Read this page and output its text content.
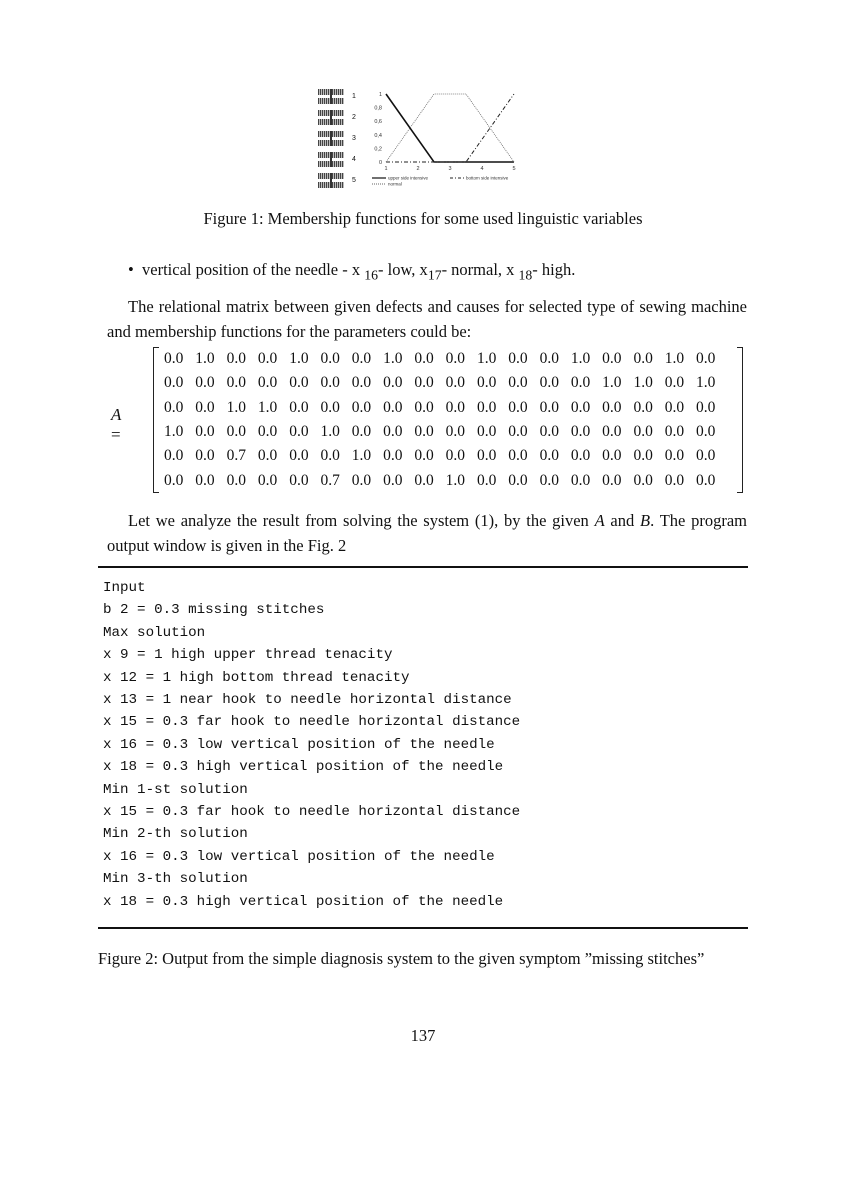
1
2
3
4
5
0
0,2
0,4
0,6
0,8
1
1	2	3	4	5
upper side intensive	bottom side intensive
normal
Figure 1: Membership functions for some used linguistic variables
•  vertical position of the needle - x $_{16}$- low, $x_{17}-$ normal, x $_{18}$- high.
The relational matrix between given defects and causes for selected type of sewing machine and membership functions for the parameters could be:
A =
0.0 1.0 0.0 0.0 1.0 0.0 0.0 1.0 0.0 0.0 1.0 0.0 0.0 1.0 0.0 0.0 1.0 0.0
0.0 0.0 0.0 0.0 0.0 0.0 0.0 0.0 0.0 0.0 0.0 0.0 0.0 0.0 1.0 1.0 0.0 1.0
0.0 0.0 1.0 1.0 0.0 0.0 0.0 0.0 0.0 0.0 0.0 0.0 0.0 0.0 0.0 0.0 0.0 0.0
1.0 0.0 0.0 0.0 0.0 1.0 0.0 0.0 0.0 0.0 0.0 0.0 0.0 0.0 0.0 0.0 0.0 0.0
0.0 0.0 0.7 0.0 0.0 0.0 1.0 0.0 0.0 0.0 0.0 0.0 0.0 0.0 0.0 0.0 0.0 0.0
0.0 0.0 0.0 0.0 0.0 0.7 0.0 0.0 0.0 1.0 0.0 0.0 0.0 0.0 0.0 0.0 0.0 0.0
Let we analyze the result from solving the system (1), by the given A and B. The program output window is given in the Fig. 2
Input
b 2 = 0.3 missing stitches
Max solution
x 9 = 1 high upper thread tenacity
x 12 = 1 high bottom thread tenacity
x 13 = 1 near hook to needle horizontal distance
x 15 = 0.3 far hook to needle horizontal distance
x 16 = 0.3 low vertical position of the needle
x 18 = 0.3 high vertical position of the needle
Min 1-st solution
x 15 = 0.3 far hook to needle horizontal distance
Min 2-th solution
x 16 = 0.3 low vertical position of the needle
Min 3-th solution
x 18 = 0.3 high vertical position of the needle
Figure 2: Output from the simple diagnosis system to the given symptom ”missing stitches”
137
